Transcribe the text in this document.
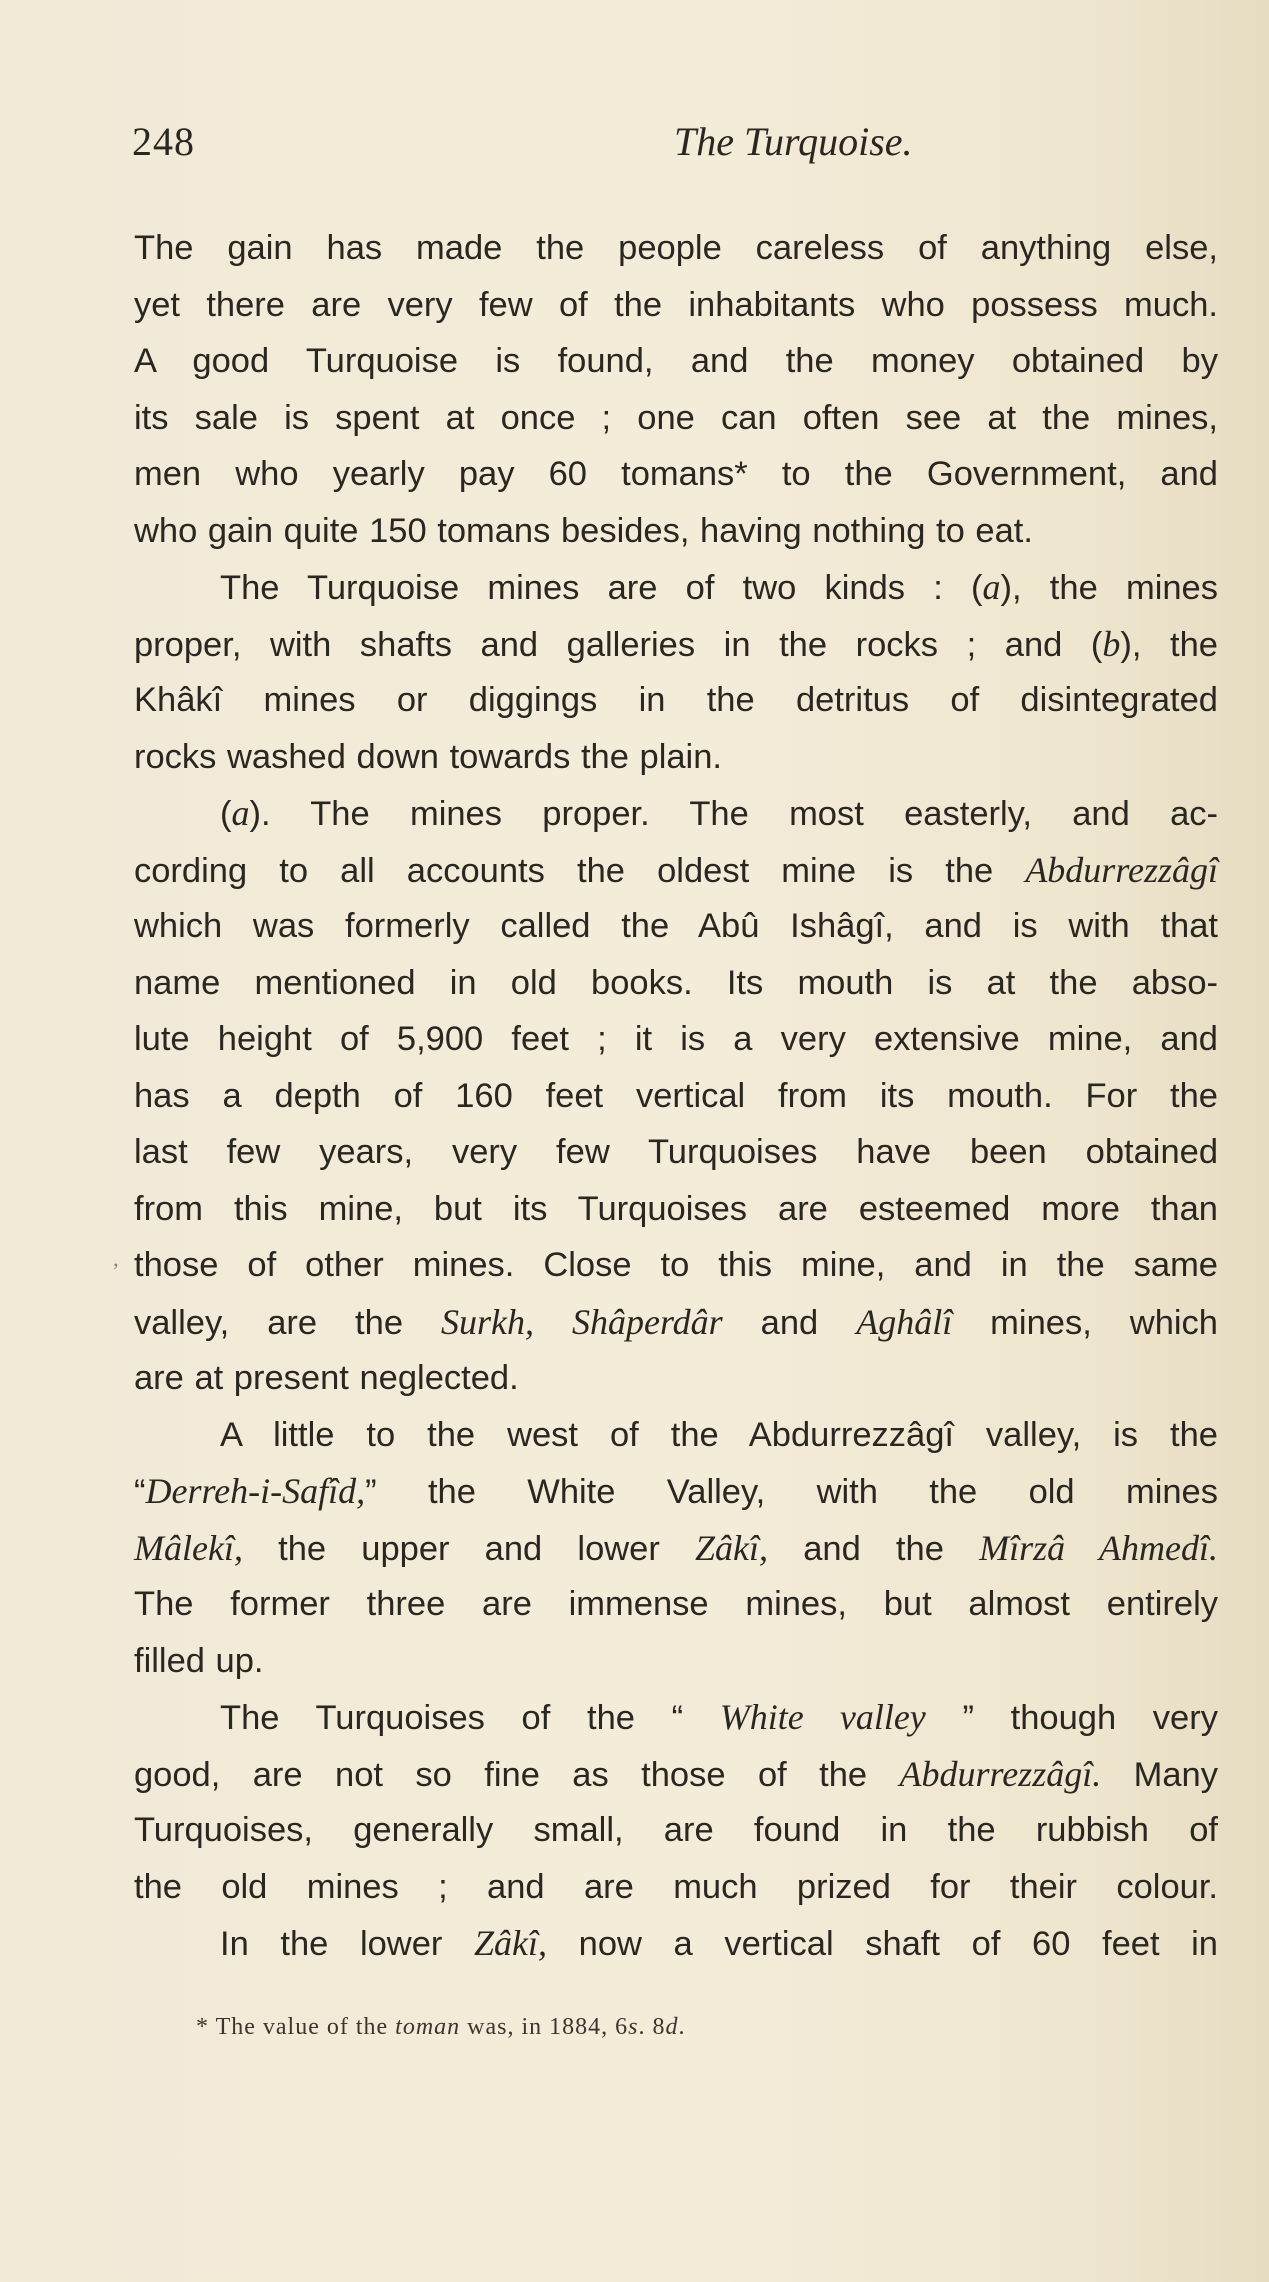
248	The Turquoise.
’
The gain has made the people careless of anything else,
yet there are very few of the inhabitants who possess much.
A good Turquoise is found, and the money obtained by
its sale is spent at once ; one can often see at the mines,
men who yearly pay 60 tomans* to the Government, and
who gain quite 150 tomans besides, having nothing to eat.
The Turquoise mines are of two kinds : (a), the mines
proper, with shafts and galleries in the rocks ; and (b), the
Khâkî mines or diggings in the detritus of disintegrated
rocks washed down towards the plain.
(a). The mines proper. The most easterly, and ac-
cording to all accounts the oldest mine is the Abdurrezzâgî
which was formerly called the Abû Ishâgî, and is with that
name mentioned in old books. Its mouth is at the abso-
lute height of 5,900 feet ; it is a very extensive mine, and
has a depth of 160 feet vertical from its mouth. For the
last few years, very few Turquoises have been obtained
from this mine, but its Turquoises are esteemed more than
those of other mines. Close to this mine, and in the same
valley, are the Surkh, Shâperdâr and Aghâlî mines, which
are at present neglected.
A little to the west of the Abdurrezzâgî valley, is the
“Derreh-i-Safîd,” the White Valley, with the old mines
Mâlekî, the upper and lower Zâkî, and the Mîrzâ Ahmedî.
The former three are immense mines, but almost entirely
filled up.
The Turquoises of the “ White valley ” though very
good, are not so fine as those of the Abdurrezzâgî. Many
Turquoises, generally small, are found in the rubbish of
the old mines ; and are much prized for their colour.
In the lower Zâkî, now a vertical shaft of 60 feet in
* The value of the toman was, in 1884, 6s. 8d.
